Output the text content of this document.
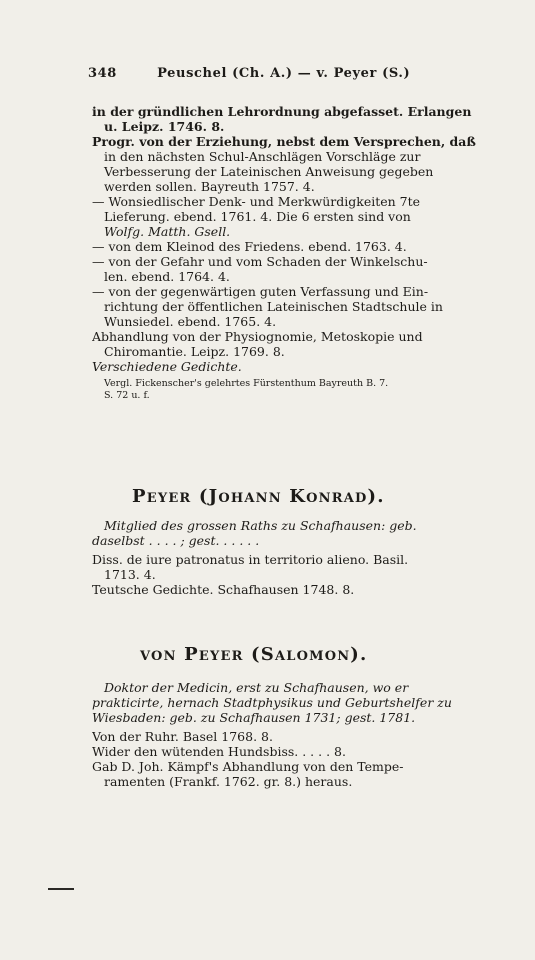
348	Peuschel (Ch. A.) — v. Peyer (S.)
in der gründlichen Lehrordnung abgefasset. Erlangen
u. Leipz. 1746. 8.
Progr. von der Erziehung, nebst dem Versprechen, daß
in den nächsten Schul-Anschlägen Vorschläge zur
Verbesserung der Lateinischen Anweisung gegeben
werden sollen. Bayreuth 1757. 4.
— Wonsiedlischer Denk- und Merkwürdigkeiten 7te
Lieferung. ebend. 1761. 4. Die 6 ersten sind von
Wolfg. Matth. Gsell.
— von dem Kleinod des Friedens. ebend. 1763. 4.
— von der Gefahr und vom Schaden der Winkelschu-
len. ebend. 1764. 4.
— von der gegenwärtigen guten Verfassung und Ein-
richtung der öffentlichen Lateinischen Stadtschule in
Wunsiedel. ebend. 1765. 4.
Abhandlung von der Physiognomie, Metoskopie und
Chiromantie. Leipz. 1769. 8.
Verschiedene Gedichte.
Vergl. Fickenscher's gelehrtes Fürstenthum Bayreuth B. 7.
S. 72 u. f.
Peyer (Johann Konrad).
Mitglied des grossen Raths zu Schafhausen: geb.
daselbst . . . . ; gest. . . . . .
Diss. de iure patronatus in territorio alieno. Basil.
1713. 4.
Teutsche Gedichte. Schafhausen 1748. 8.
von Peyer (Salomon).
Doktor der Medicin, erst zu Schafhausen, wo er
prakticirte, hernach Stadtphysikus und Geburtshelfer zu
Wiesbaden: geb. zu Schafhausen 1731; gest. 1781.
Von der Ruhr. Basel 1768. 8.
Wider den wütenden Hundsbiss. . . . . 8.
Gab D. Joh. Kämpf's Abhandlung von den Tempe-
ramenten (Frankf. 1762. gr. 8.) heraus.
